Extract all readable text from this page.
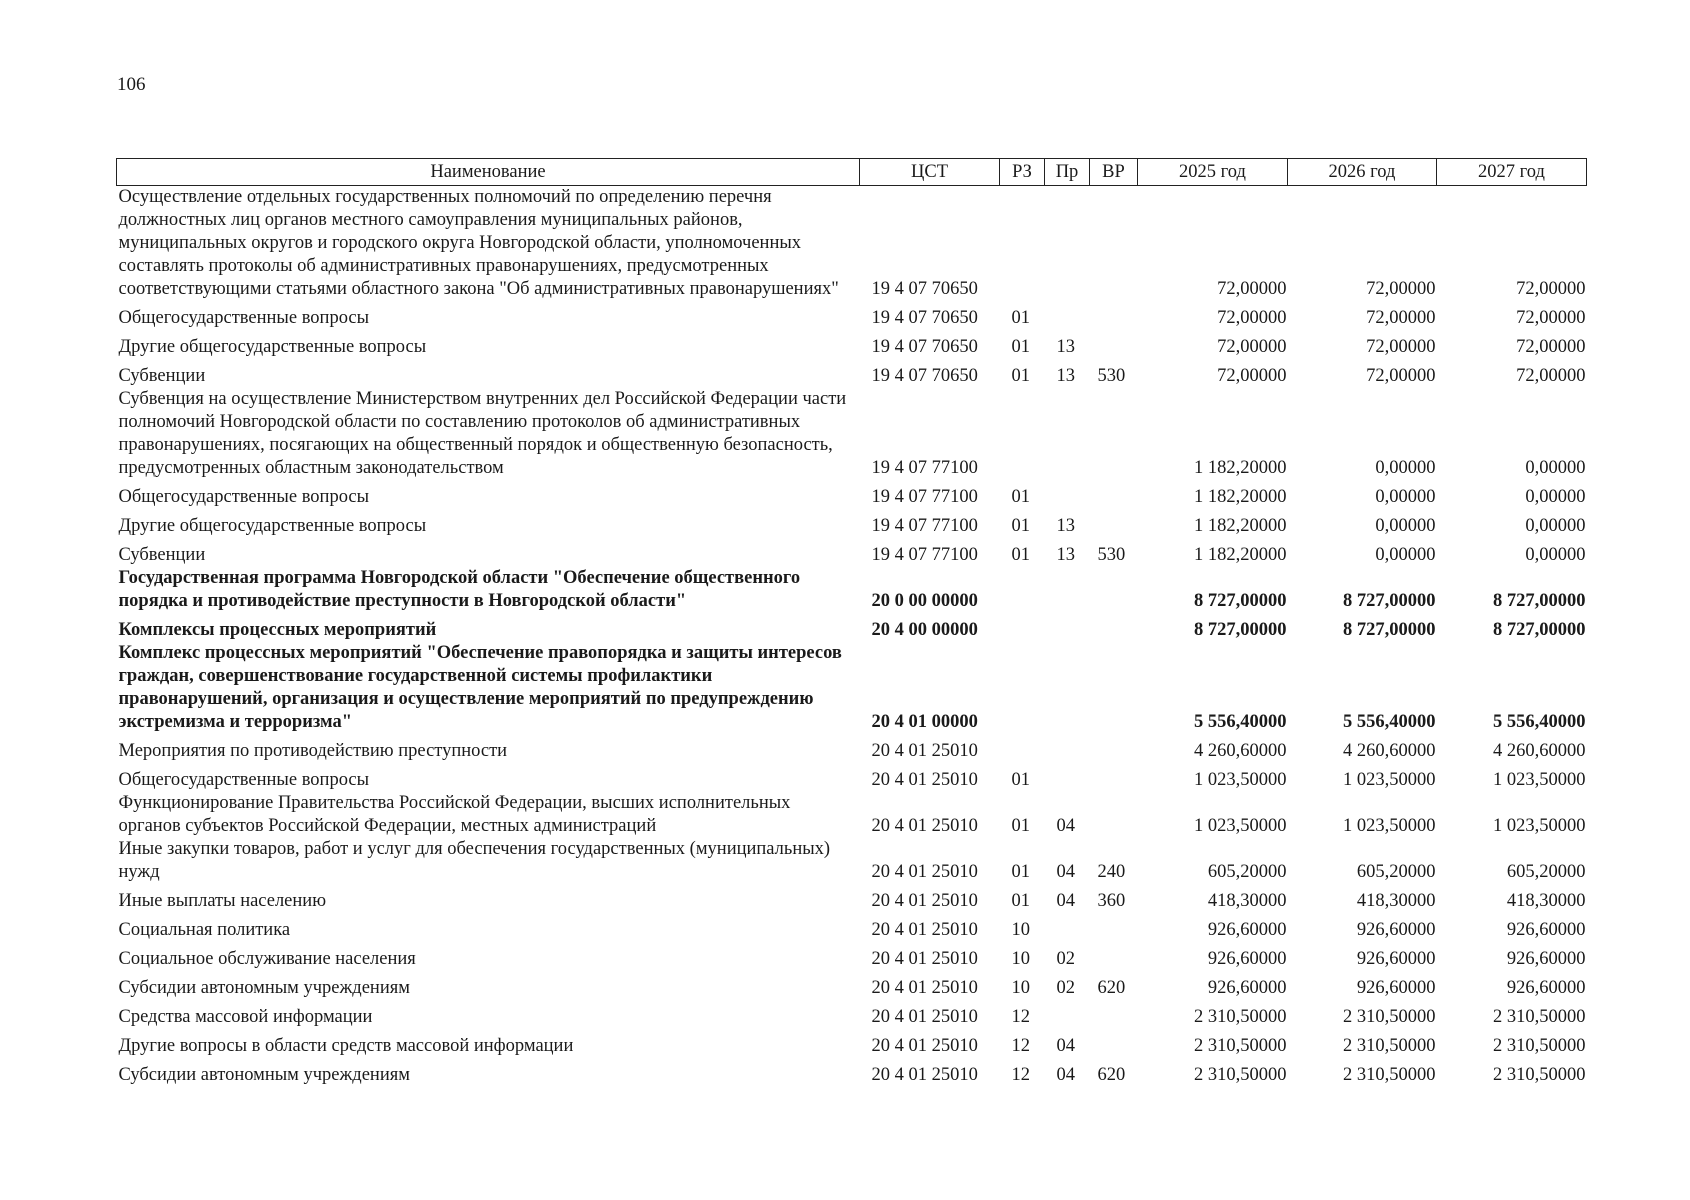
106
Наименование	ЦСТ	РЗ	Пр	ВР	2025 год	2026 год	2027 год
Осуществление отдельных государственных полномочий по определению перечня должностных лиц органов местного самоуправления муниципальных районов, муниципальных округов и городского округа Новгородской области, уполномоченных составлять протоколы об административных правонарушениях, предусмотренных соответствующими статьями областного закона "Об административных правонарушениях"	19 4 07 70650				72,00000	72,00000	72,00000
Общегосударственные вопросы	19 4 07 70650	01			72,00000	72,00000	72,00000
Другие общегосударственные вопросы	19 4 07 70650	01	13		72,00000	72,00000	72,00000
Субвенции	19 4 07 70650	01	13	530	72,00000	72,00000	72,00000
Субвенция на осуществление Министерством внутренних дел Российской Федерации части полномочий Новгородской области по составлению протоколов об административных правонарушениях, посягающих на общественный порядок и общественную безопасность, предусмотренных областным законодательством	19 4 07 77100				1 182,20000	0,00000	0,00000
Общегосударственные вопросы	19 4 07 77100	01			1 182,20000	0,00000	0,00000
Другие общегосударственные вопросы	19 4 07 77100	01	13		1 182,20000	0,00000	0,00000
Субвенции	19 4 07 77100	01	13	530	1 182,20000	0,00000	0,00000
Государственная программа Новгородской области "Обеспечение общественного порядка и противодействие преступности в Новгородской области"	20 0 00 00000				8 727,00000	8 727,00000	8 727,00000
Комплексы процессных мероприятий	20 4 00 00000				8 727,00000	8 727,00000	8 727,00000
Комплекс процессных мероприятий "Обеспечение правопорядка и защиты интересов граждан, совершенствование государственной системы профилактики правонарушений, организация и осуществление мероприятий по предупреждению экстремизма и терроризма"	20 4 01 00000				5 556,40000	5 556,40000	5 556,40000
Мероприятия по противодействию преступности	20 4 01 25010				4 260,60000	4 260,60000	4 260,60000
Общегосударственные вопросы	20 4 01 25010	01			1 023,50000	1 023,50000	1 023,50000
Функционирование Правительства Российской Федерации, высших исполнительных органов субъектов Российской Федерации, местных администраций	20 4 01 25010	01	04		1 023,50000	1 023,50000	1 023,50000
Иные закупки товаров, работ и услуг для обеспечения государственных (муниципальных) нужд	20 4 01 25010	01	04	240	605,20000	605,20000	605,20000
Иные выплаты населению	20 4 01 25010	01	04	360	418,30000	418,30000	418,30000
Социальная политика	20 4 01 25010	10			926,60000	926,60000	926,60000
Социальное обслуживание населения	20 4 01 25010	10	02		926,60000	926,60000	926,60000
Субсидии автономным учреждениям	20 4 01 25010	10	02	620	926,60000	926,60000	926,60000
Средства массовой информации	20 4 01 25010	12			2 310,50000	2 310,50000	2 310,50000
Другие вопросы в области средств массовой информации	20 4 01 25010	12	04		2 310,50000	2 310,50000	2 310,50000
Субсидии автономным учреждениям	20 4 01 25010	12	04	620	2 310,50000	2 310,50000	2 310,50000
